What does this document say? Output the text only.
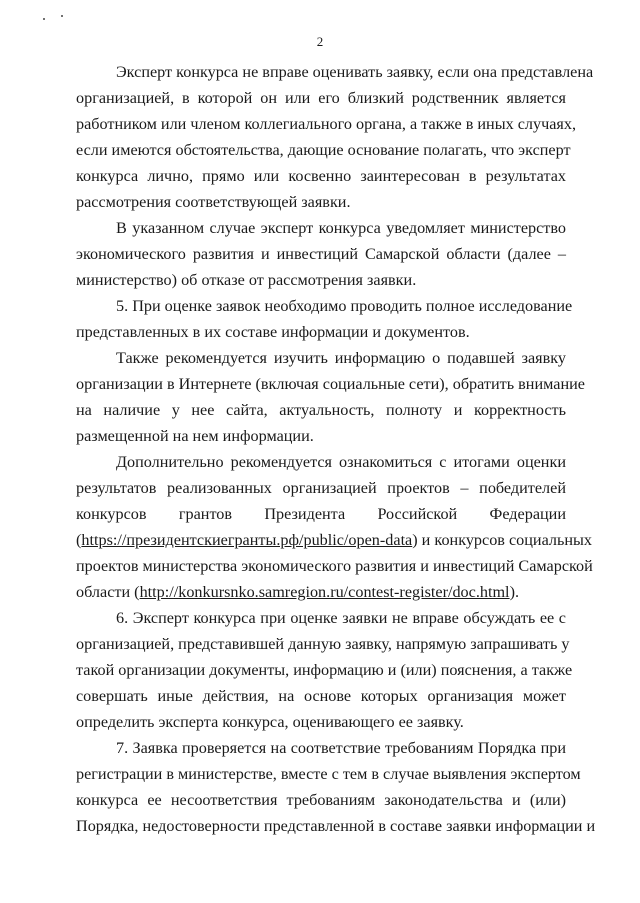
2
Эксперт конкурса не вправе оценивать заявку, если она представлена
организацией, в которой он или его близкий родственник является
работником или членом коллегиального органа, а также в иных случаях,
если имеются обстоятельства, дающие основание полагать, что эксперт
конкурса лично, прямо или косвенно заинтересован в результатах
рассмотрения соответствующей заявки.
В указанном случае эксперт конкурса уведомляет министерство
экономического развития и инвестиций Самарской области (далее –
министерство) об отказе от рассмотрения заявки.
5. При оценке заявок необходимо проводить полное исследование
представленных в их составе информации и документов.
Также рекомендуется изучить информацию о подавшей заявку
организации в Интернете (включая социальные сети), обратить внимание
на наличие у нее сайта, актуальность, полноту и корректность
размещенной на нем информации.
Дополнительно рекомендуется ознакомиться с итогами оценки
результатов реализованных организацией проектов – победителей
конкурсов грантов Президента Российской Федерации
(https://президентскиегранты.рф/public/open-data) и конкурсов социальных
проектов министерства экономического развития и инвестиций Самарской
области (http://konkursnko.samregion.ru/contest-register/doc.html).
6. Эксперт конкурса при оценке заявки не вправе обсуждать ее с
организацией, представившей данную заявку, напрямую запрашивать у
такой организации документы, информацию и (или) пояснения, а также
совершать иные действия, на основе которых организация может
определить эксперта конкурса, оценивающего ее заявку.
7. Заявка проверяется на соответствие требованиям Порядка при
регистрации в министерстве, вместе с тем в случае выявления экспертом
конкурса ее несоответствия требованиям законодательства и (или)
Порядка, недостоверности представленной в составе заявки информации и
